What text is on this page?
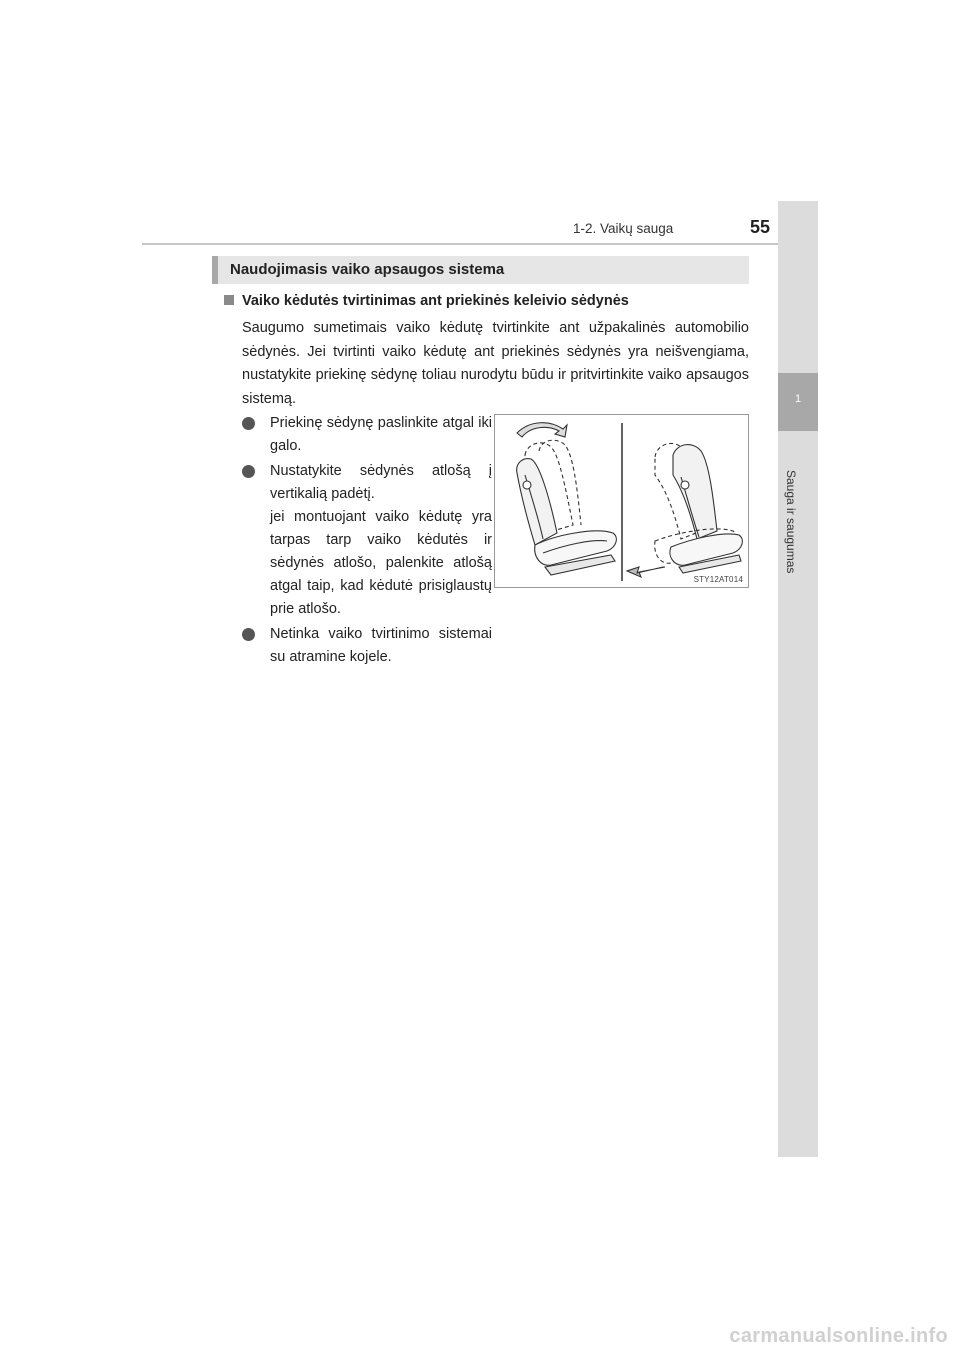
1-2. Vaikų sauga	55
1
Sauga ir saugumas
Naudojimasis vaiko apsaugos sistema
Vaiko kėdutės tvirtinimas ant priekinės keleivio sėdynės
Saugumo sumetimais vaiko kėdutę tvirtinkite ant užpakalinės automobilio sėdynės. Jei tvirtinti vaiko kėdutę ant priekinės sėdynės yra neišvengiama, nustatykite priekinę sėdynę toliau nurodytu būdu ir pritvirtinkite vaiko apsaugos sistemą.

Priekinę sėdynę paslinkite atgal iki galo.

Nustatykite sėdynės atlošą į vertikalią padėtį.

jei montuojant vaiko kėdutę yra tarpas tarp vaiko kėdutės ir sėdynės atlošo, palenkite atlošą atgal taip, kad kėdutė prisiglaustų prie atlošo.

Netinka vaiko tvirtinimo sistemai su atramine kojele.

STY12AT014
carmanualsonline.info
